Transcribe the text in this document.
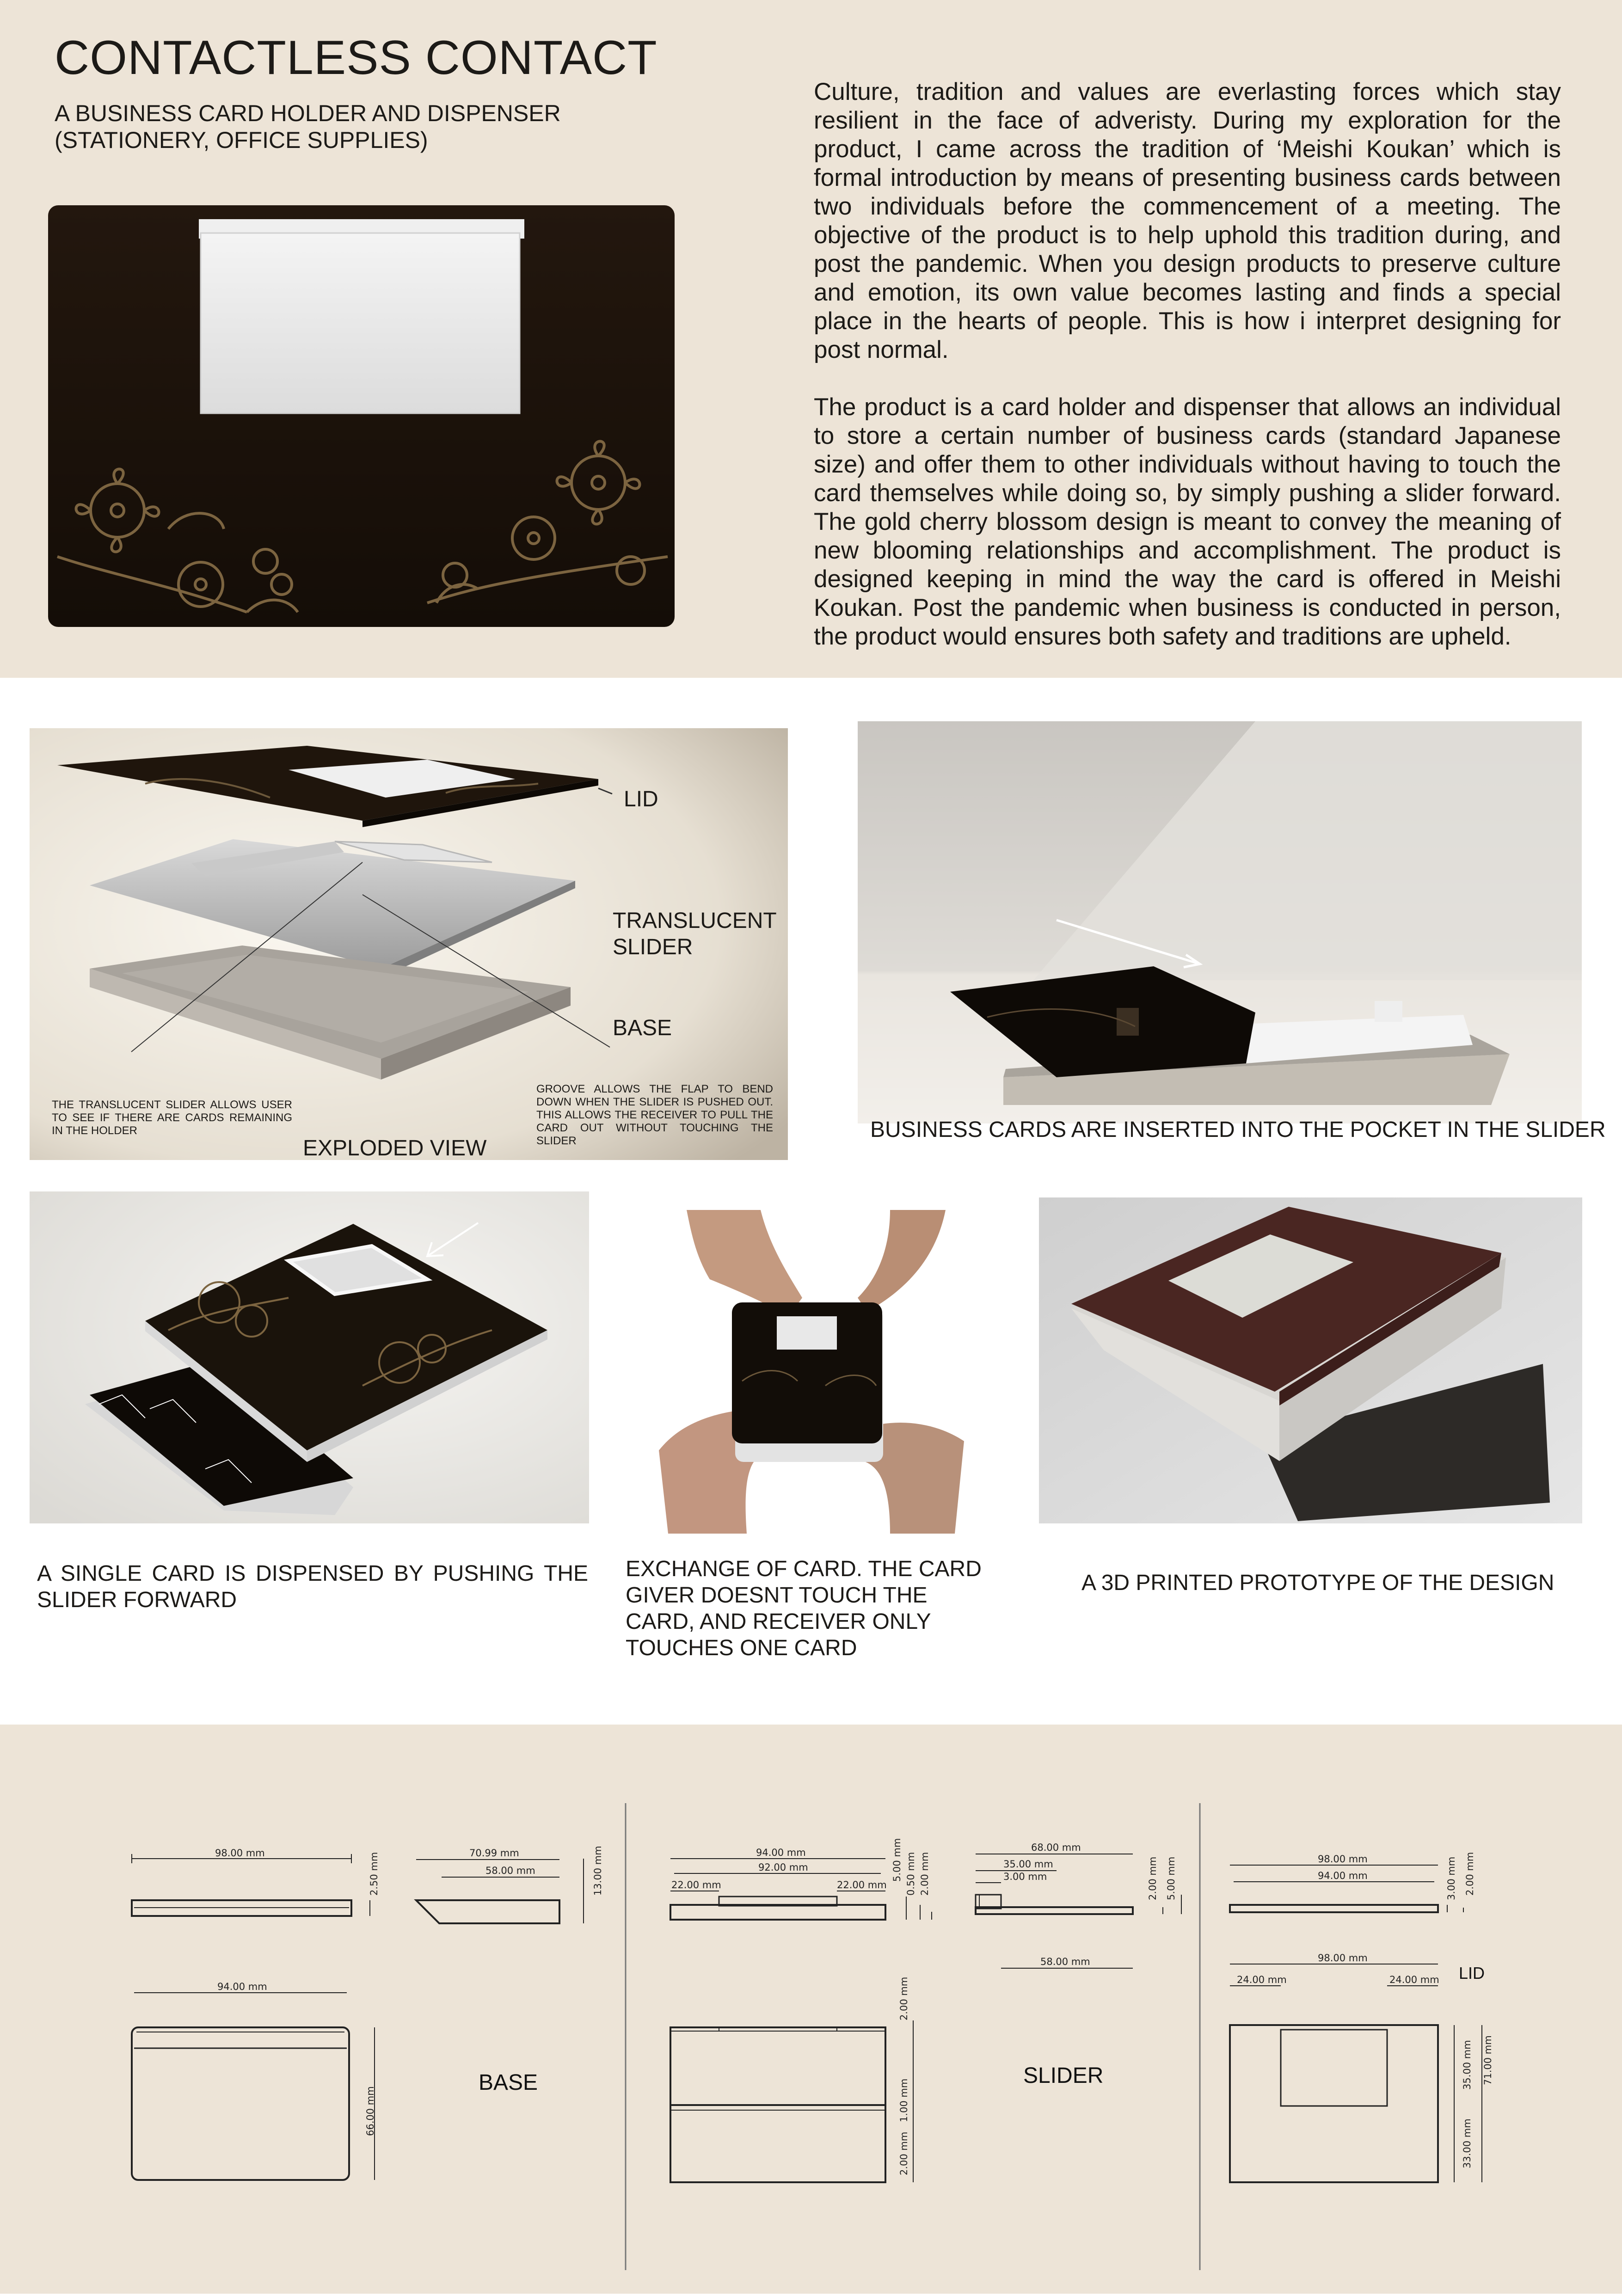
CONTACTLESS CONTACT
A BUSINESS CARD HOLDER AND DISPENSER
(STATIONERY, OFFICE SUPPLIES)
Culture, tradition and values are everlasting forces which stay resilient in the face of adveristy. During my exploration for the product, I came across the tradition of ‘Meishi Koukan’ which is formal introduction by means of presenting business cards between two individuals before the commencement of a meeting. The objective of the product is to help uphold this tradition during, and post the pandemic. When you design products to preserve culture and emotion, its own value becomes lasting and finds a special place in the hearts of people. This is how i interpret designing for post normal.
The product is a card holder and dispenser that allows an individual to store a certain number of business cards (standard Japanese size) and offer them to other individuals without having to touch the card themselves while doing so, by simply pushing a slider forward. The gold cherry blossom design is meant to convey the meaning of new blooming relationships and accomplishment. The product is designed keeping in mind the way the card is offered in Meishi Koukan. Post the pandemic when business is conducted in person, the product would ensures both safety and traditions are upheld.
LID
TRANSLUCENT
SLIDER
BASE
THE TRANSLUCENT SLIDER ALLOWS USER TO SEE IF THERE ARE CARDS REMAINING IN THE HOLDER
GROOVE ALLOWS THE FLAP TO BEND DOWN WHEN THE SLIDER IS PUSHED OUT. THIS ALLOWS THE RECEIVER TO PULL THE CARD OUT WITHOUT TOUCHING THE SLIDER
EXPLODED VIEW
BUSINESS CARDS ARE INSERTED INTO THE POCKET IN THE SLIDER
A SINGLE CARD IS DISPENSED BY PUSHING THE SLIDER FORWARD
EXCHANGE OF CARD. THE CARD GIVER DOESNT TOUCH THE CARD, AND RECEIVER ONLY TOUCHES ONE CARD
A 3D PRINTED PROTOTYPE OF THE DESIGN
98.00 mm	2.50 mm	70.99 mm
58.00 mm	13.00 mm
94.00 mm
66.00 mm
BASE
94.00 mm
92.00 mm
22.00 mm	22.00 mm
5.00 mm 0.50 mm 2.00 mm
68.00 mm
35.00 mm
3.00 mm
58.00 mm
2.00 mm 5.00 mm
2.00 mm
1.00 mm
2.00 mm
SLIDER
98.00 mm
94.00 mm	3.00 mm 2.00 mm
98.00 mm
24.00 mm	24.00 mm
35.00 mm 71.00 mm
33.00 mm
LID
